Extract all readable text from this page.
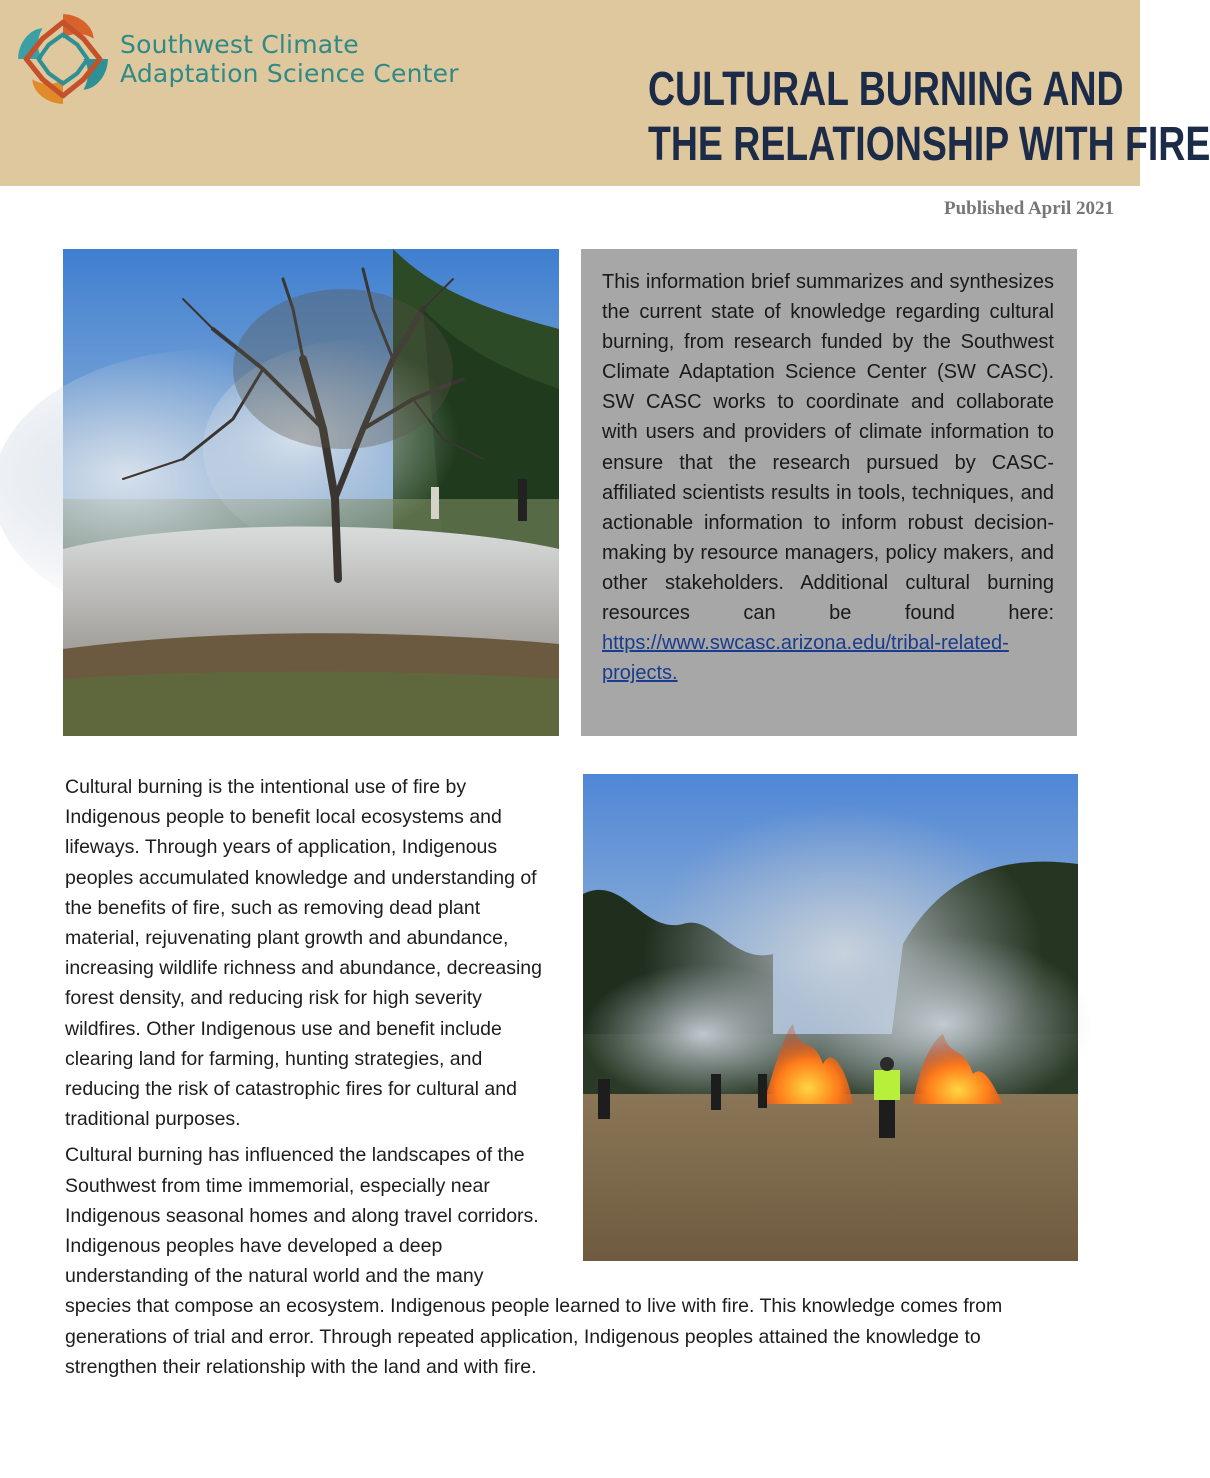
Southwest Climate
Adaptation Science Center	CULTURAL BURNING AND
THE RELATIONSHIP WITH FIRE
Published April 2021
This information brief summarizes and synthesizes the current state of knowledge regarding cultural burning, from research funded by the Southwest Climate Adaptation Science Center (SW CASC). SW CASC works to coordinate and collaborate with users and providers of climate information to ensure that the research pursued by CASC-affiliated scientists results in tools, techniques, and actionable information to inform robust decision-making by resource managers, policy makers, and other stakeholders. Additional cultural burning resources can be found here: https://www.swcasc.arizona.edu/tribal-related-projects.

Cultural burning is the intentional use of fire by Indigenous people to benefit local ecosystems and lifeways. Through years of application, Indigenous peoples accumulated knowledge and understanding of the benefits of fire, such as removing dead plant material, rejuvenating plant growth and abundance, increasing wildlife richness and abundance, decreasing forest density, and reducing risk for high severity wildfires. Other Indigenous use and benefit include clearing land for farming, hunting strategies, and reducing the risk of catastrophic fires for cultural and traditional purposes.

Cultural burning has influenced the landscapes of the Southwest from time immemorial, especially near Indigenous seasonal homes and along travel corridors. Indigenous peoples have developed a deep understanding of the natural world and the many species that compose an ecosystem. Indigenous people learned to live with fire. This knowledge comes from generations of trial and error. Through repeated application, Indigenous peoples attained the knowledge to strengthen their relationship with the land and with fire.
